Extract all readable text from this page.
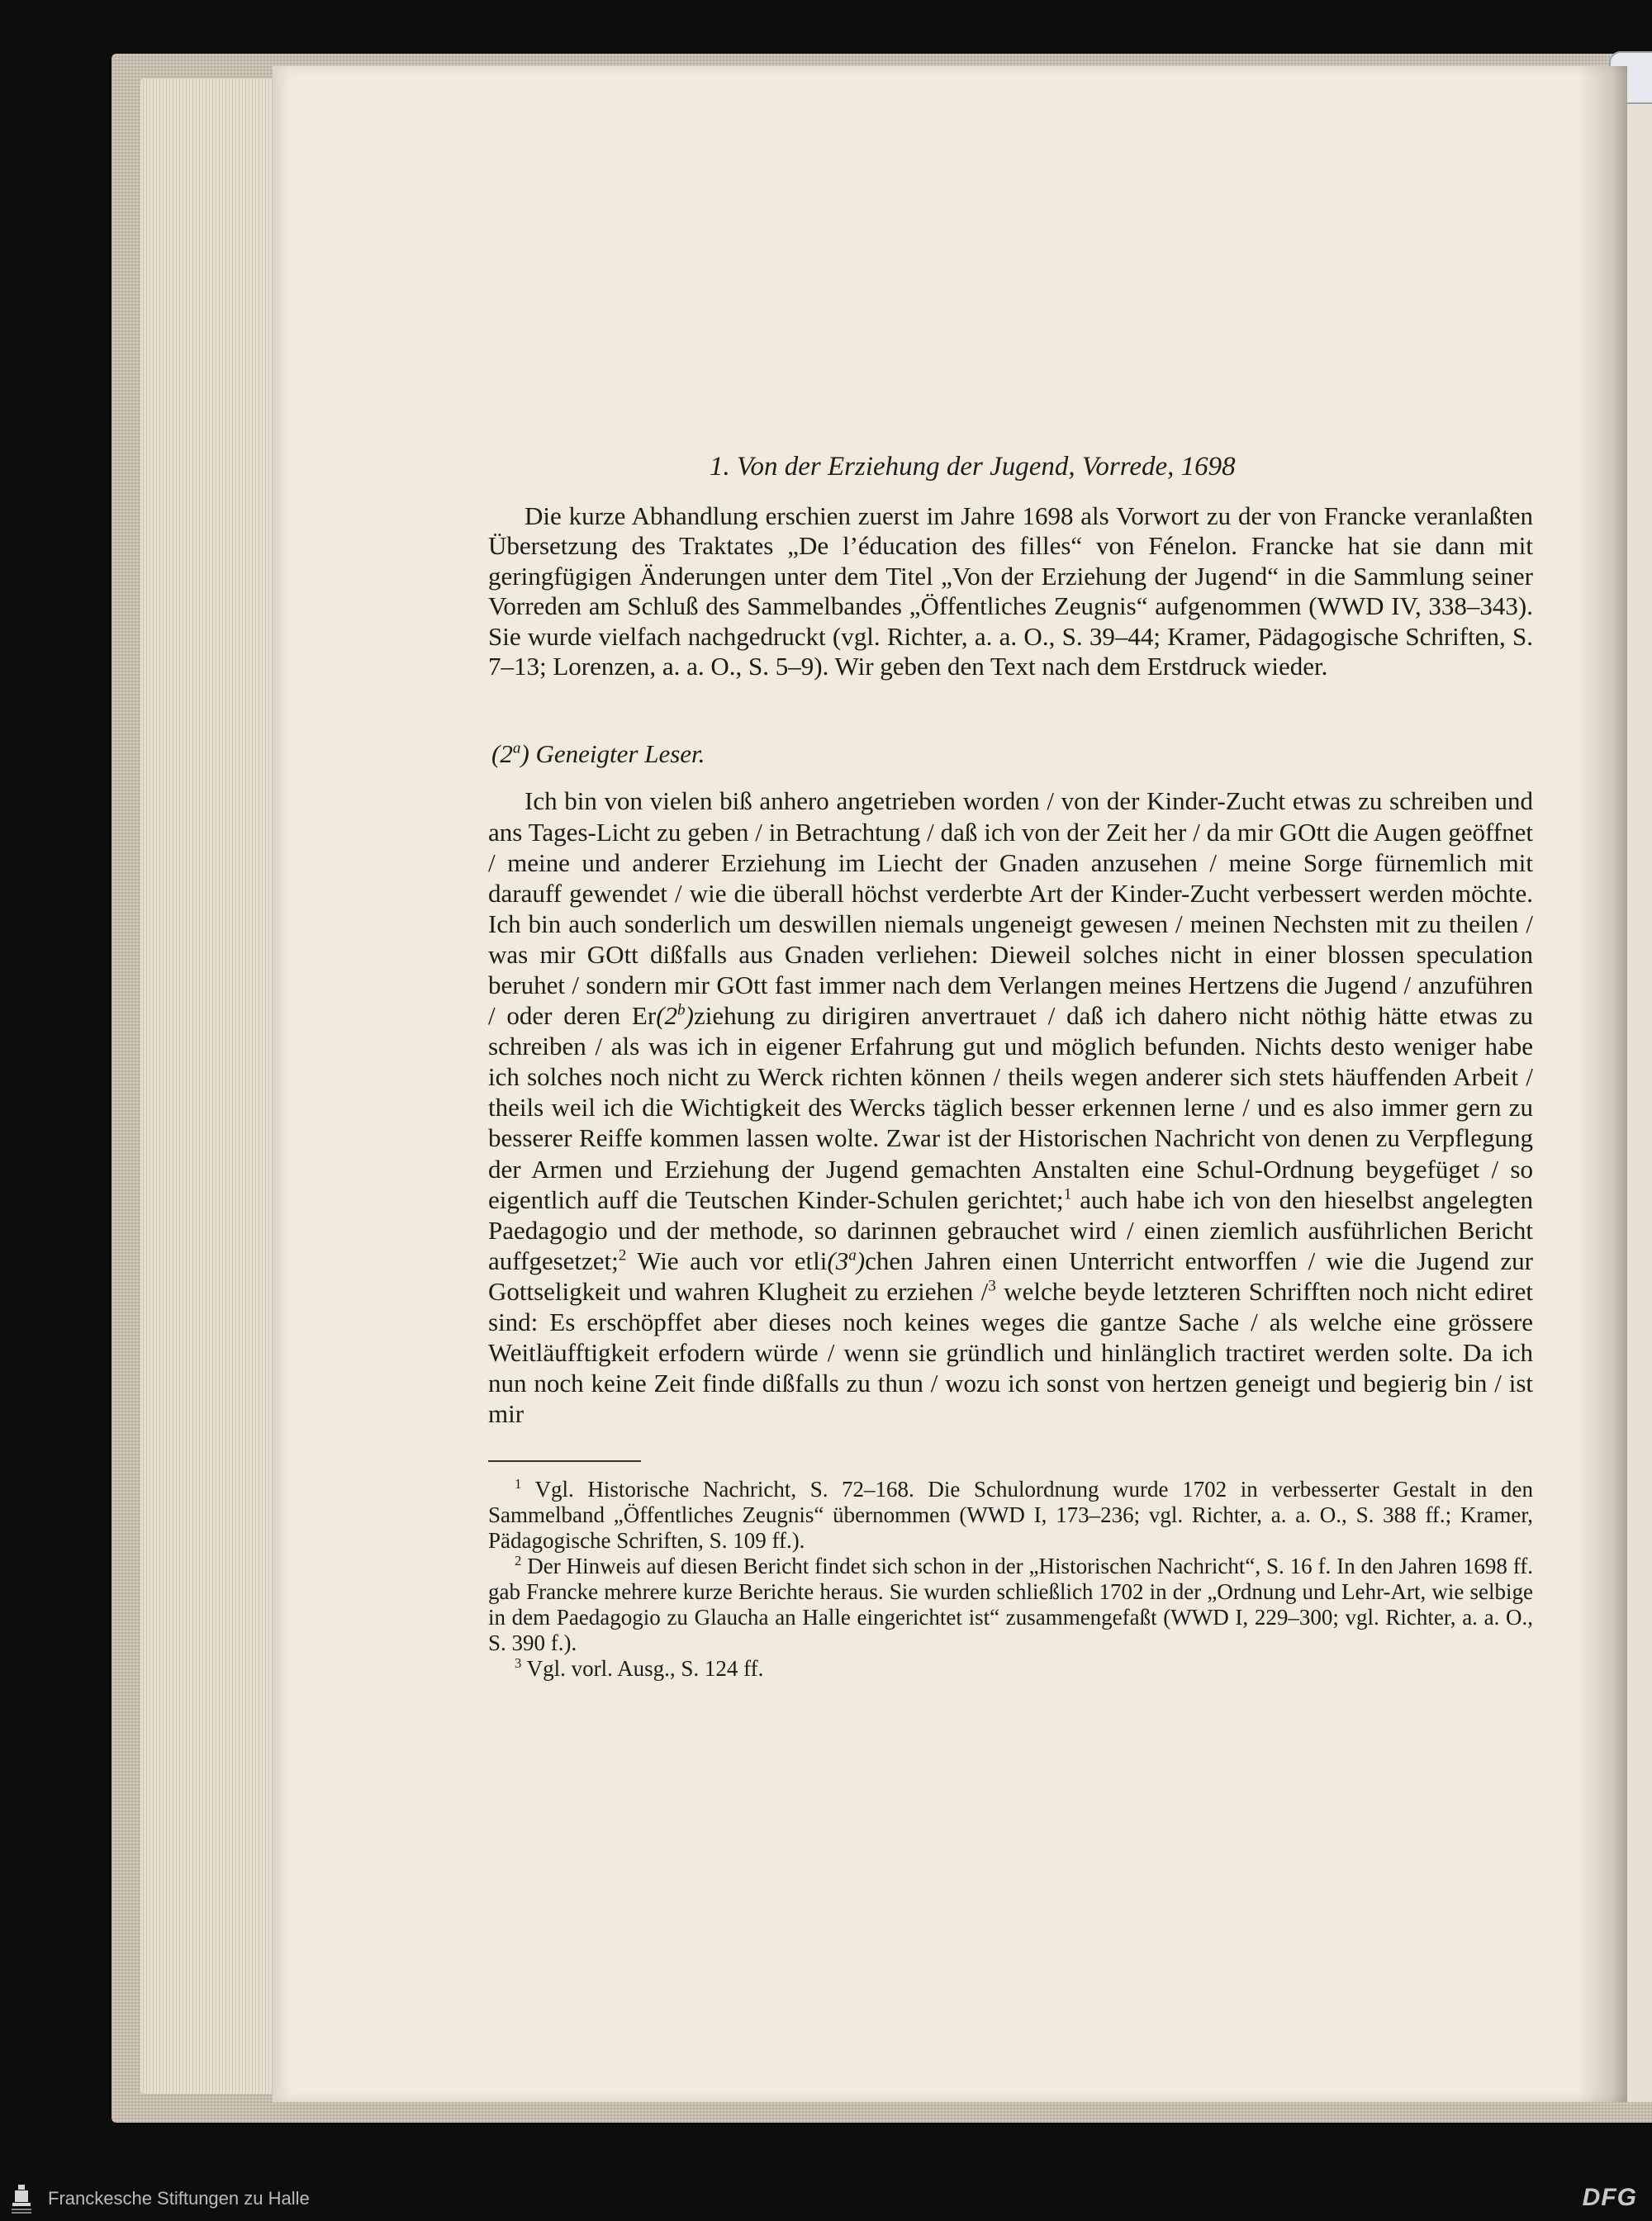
1. Von der Erziehung der Jugend, Vorrede, 1698

Die kurze Abhandlung erschien zuerst im Jahre 1698 als Vorwort zu der von Francke veranlaßten Übersetzung des Traktates „De l’éducation des filles“ von Fénelon. Francke hat sie dann mit geringfügigen Änderungen unter dem Titel „Von der Erziehung der Jugend“ in die Sammlung seiner Vorreden am Schluß des Sammelbandes „Öffentliches Zeugnis“ aufgenommen (WWD IV, 338–343). Sie wurde vielfach nachgedruckt (vgl. Richter, a. a. O., S. 39–44; Kramer, Pädagogische Schriften, S. 7–13; Lorenzen, a. a. O., S. 5–9). Wir geben den Text nach dem Erstdruck wieder.

(2$^a$) Geneigter Leser.

Ich bin von vielen biß anhero angetrieben worden / von der Kinder-Zucht etwas zu schreiben und ans Tages-Licht zu geben / in Betrachtung / daß ich von der Zeit her / da mir GOtt die Augen geöffnet / meine und anderer Erziehung im Liecht der Gnaden anzusehen / meine Sorge fürnemlich mit darauff gewendet / wie die überall höchst verderbte Art der Kinder-Zucht verbessert werden möchte. Ich bin auch sonderlich um deswillen niemals ungeneigt gewesen / meinen Nechsten mit zu theilen / was mir GOtt dißfalls aus Gnaden verliehen: Dieweil solches nicht in einer blossen speculation beruhet / sondern mir GOtt fast immer nach dem Verlangen meines Hertzens die Jugend / anzuführen / oder deren Er(2$^b$)ziehung zu dirigiren anvertrauet / daß ich dahero nicht nöthig hätte etwas zu schreiben / als was ich in eigener Erfahrung gut und möglich befunden. Nichts desto weniger habe ich solches noch nicht zu Werck richten können / theils wegen anderer sich stets häuffenden Arbeit / theils weil ich die Wichtigkeit des Wercks täglich besser erkennen lerne / und es also immer gern zu besserer Reiffe kommen lassen wolte. Zwar ist der Historischen Nachricht von denen zu Verpflegung der Armen und Erziehung der Jugend gemachten Anstalten eine Schul-Ordnung beygefüget / so eigentlich auff die Teutschen Kinder-Schulen gerichtet;$^1$ auch habe ich von den hieselbst angelegten Paedagogio und der methode, so darinnen gebrauchet wird / einen ziemlich ausführlichen Bericht auffgesetzet;$^2$ Wie auch vor etli(3$^a$)chen Jahren einen Unterricht entworffen / wie die Jugend zur Gottseligkeit und wahren Klugheit zu erziehen /$^3$ welche beyde letzteren Schrifften noch nicht ediret sind: Es erschöpffet aber dieses noch keines weges die gantze Sache / als welche eine grössere Weitläufftigkeit erfodern würde / wenn sie gründlich und hinlänglich tractiret werden solte. Da ich nun noch keine Zeit finde dißfalls zu thun / wozu ich sonst von hertzen geneigt und begierig bin / ist mir

$^1$ Vgl. Historische Nachricht, S. 72–168. Die Schulordnung wurde 1702 in verbesserter Gestalt in den Sammelband „Öffentliches Zeugnis“ übernommen (WWD I, 173–236; vgl. Richter, a. a. O., S. 388 ff.; Kramer, Pädagogische Schriften, S. 109 ff.).

$^2$ Der Hinweis auf diesen Bericht findet sich schon in der „Historischen Nachricht“, S. 16 f. In den Jahren 1698 ff. gab Francke mehrere kurze Berichte heraus. Sie wurden schließlich 1702 in der „Ordnung und Lehr-Art, wie selbige in dem Paedagogio zu Glaucha an Halle eingerichtet ist“ zusammengefaßt (WWD I, 229–300; vgl. Richter, a. a. O., S. 390 f.).

$^3$ Vgl. vorl. Ausg., S. 124 ff.

Franckesche Stiftungen zu Halle	DFG
